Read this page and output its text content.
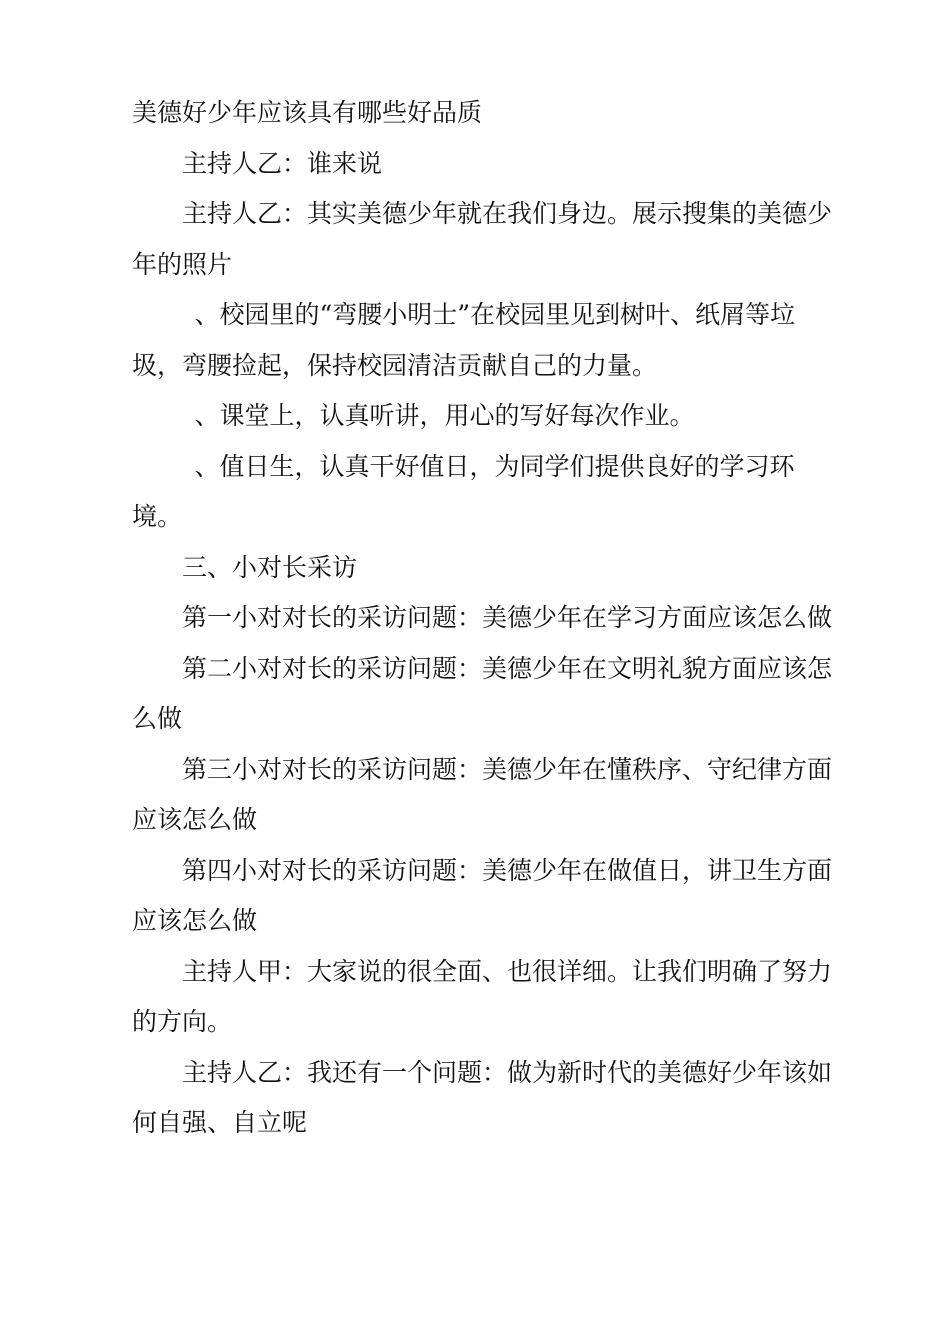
美德好少年应该具有哪些好品质

主持人乙：谁来说

主持人乙：其实美德少年就在我们身边。展示搜集的美德少年的照片

、校园里的“弯腰小明士”在校园里见到树叶、纸屑等垃圾，弯腰捡起，保持校园清洁贡献自己的力量。

、课堂上，认真听讲，用心的写好每次作业。

、值日生，认真干好值日，为同学们提供良好的学习环境。

三、小对长采访

第一小对对长的采访问题：美德少年在学习方面应该怎么做

第二小对对长的采访问题：美德少年在文明礼貌方面应该怎么做

第三小对对长的采访问题：美德少年在懂秩序、守纪律方面应该怎么做

第四小对对长的采访问题：美德少年在做值日，讲卫生方面应该怎么做

主持人甲：大家说的很全面、也很详细。让我们明确了努力的方向。

主持人乙：我还有一个问题：做为新时代的美德好少年该如何自强、自立呢
